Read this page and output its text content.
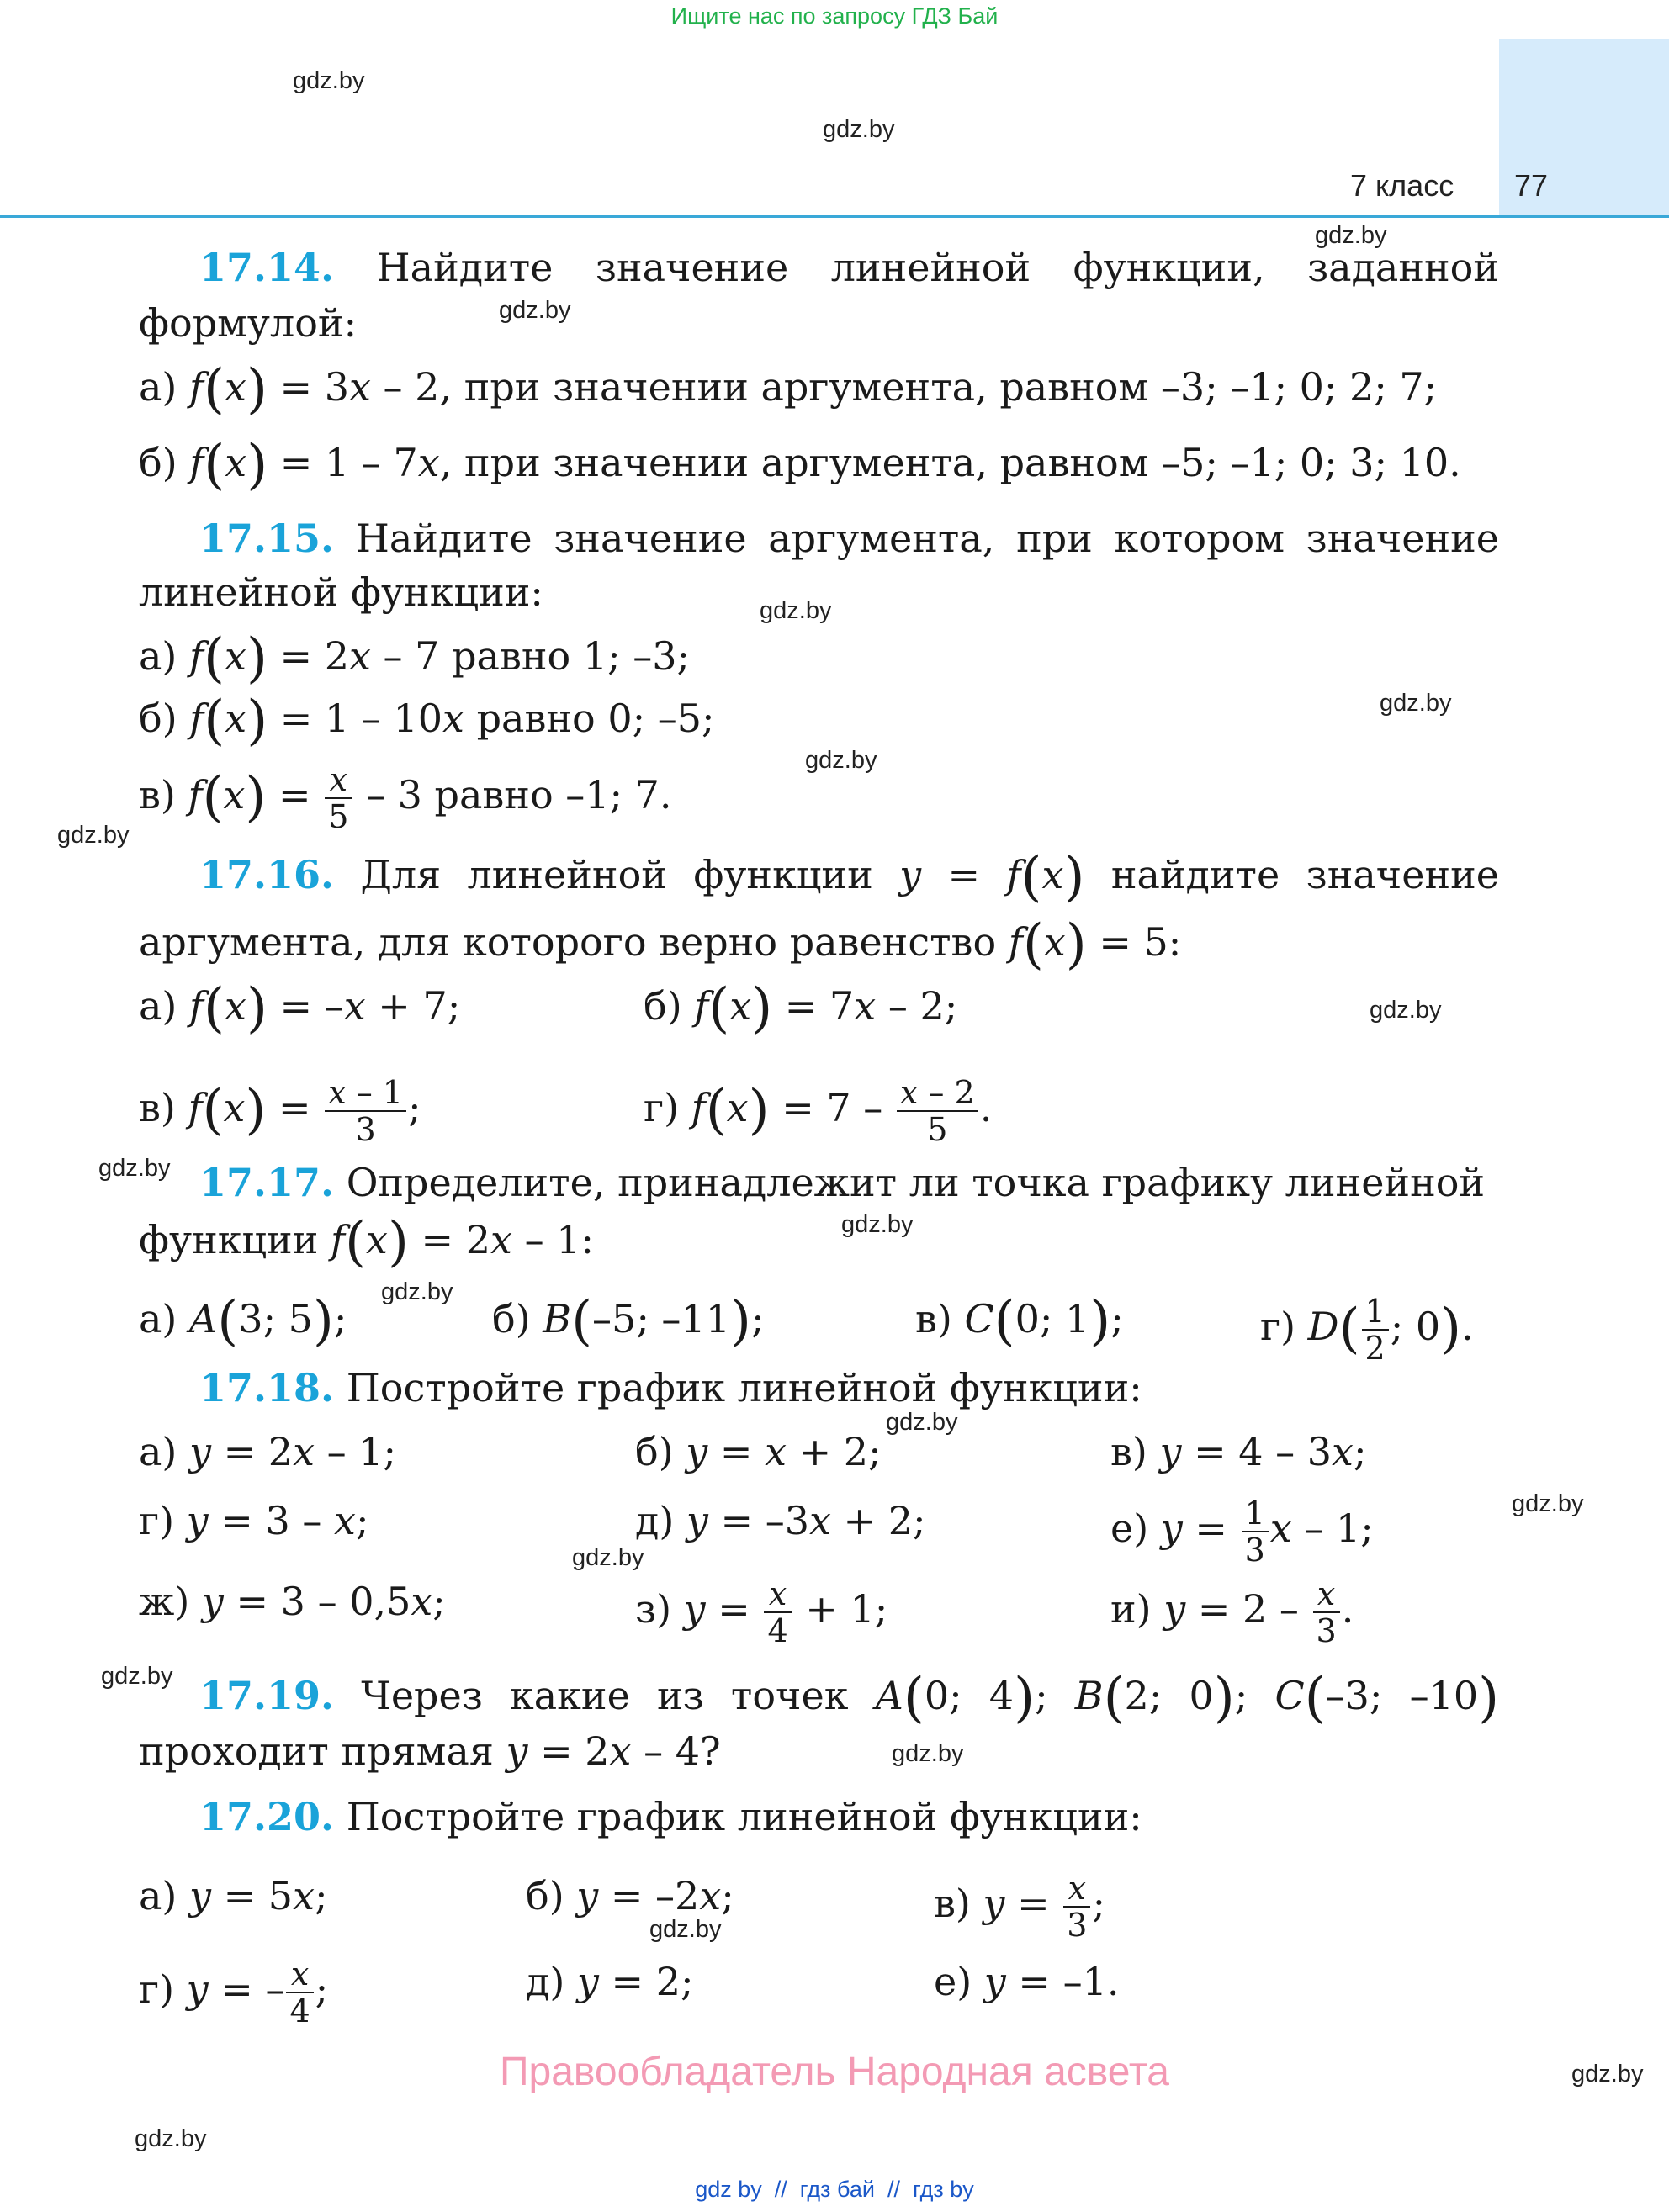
Ищите нас по запросу ГДЗ Бай
7 класс 77
gdz.by
gdz.by
gdz.by
gdz.by
gdz.by
gdz.by
gdz.by
gdz.by
gdz.by
gdz.by
gdz.by
gdz.by
gdz.by
gdz.by
gdz.by
gdz.by
gdz.by
gdz.by
gdz.by
gdz.by
17.14. Найдите значение линейной функции, заданной
формулой:
а) f(x) = 3x – 2, при значении аргумента, равном –3; –1; 0; 2; 7;
б) f(x) = 1 – 7x, при значении аргумента, равном –5; –1; 0; 3; 10.
17.15. Найдите значение аргумента, при котором значение
линейной функции:
а) f(x) = 2x – 7 равно 1; –3;
б) f(x) = 1 – 10x равно 0; –5;
в) $f(x) = \frac{x}{5} - 3$ равно –1; 7.
17.16. Для линейной функции y = f(x) найдите значение
аргумента, для которого верно равенство f(x) = 5:
а) f(x) = –x + 7;	б) f(x) = 7x – 2;
в) $f(x) = \frac{x - 1}{3}$ ;	г) $f(x) = 7 - \frac{x - 2}{5}$ .
17.17. Определите, принадлежит ли точка графику линейной
функции f(x) = 2x – 1:
а) A(3; 5);	б) B(–5; –11);	в) C(0; 1);	г) $D( \frac{1}{2}$ ; 0).
17.18. Постройте график линейной функции:
а) y = 2x – 1;	б) y = x + 2;	в) y = 4 – 3x;
г) y = 3 – x;	д) y = –3x + 2;	е) $y = \frac{1}{3}$ x – 1;
ж) y = 3 – 0,5x;	з) $y = \frac{x}{4} + 1$;	и) $y = 2 - \frac{x}{3}$ .
17.19. Через какие из точек A(0; 4); B(2; 0); C(–3; –10)
проходит прямая y = 2x – 4?
17.20. Постройте график линейной функции:
а) y = 5x;	б) y = –2x;	в) $y = \frac{x}{3}$ ;
г) y = – $\frac{x}{4}$ ;	д) y = 2;	е) y = –1.
Правообладатель Народная асвета
gdz by  //  гдз бай  //  гдз by
